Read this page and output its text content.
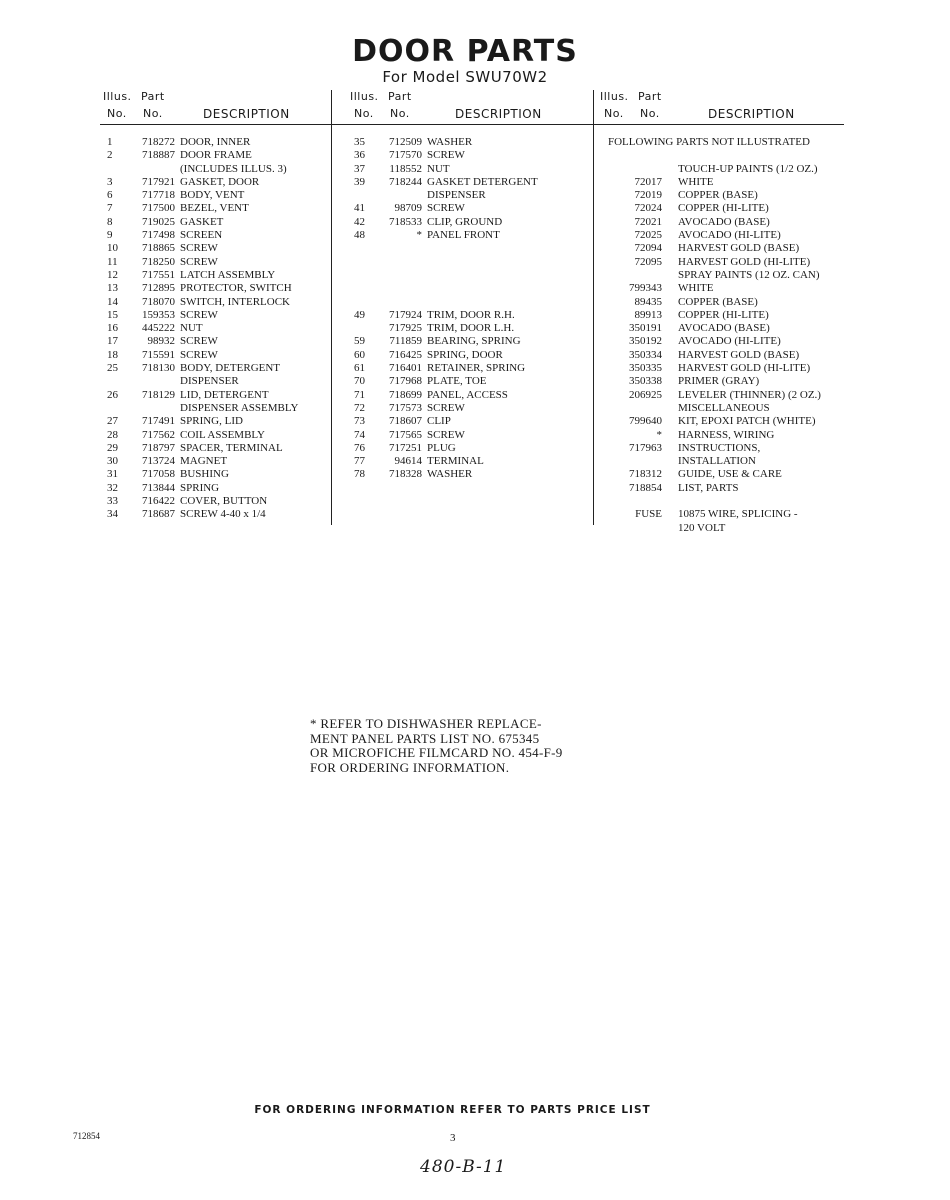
DOOR PARTS
For Model SWU70W2
Illus. Part
No. No.	DESCRIPTION
1	718272 DOOR, INNER
2	718887 DOOR FRAME
(INCLUDES ILLUS. 3)
3	717921 GASKET, DOOR
6	717718 BODY, VENT
7	717500 BEZEL, VENT
8	719025 GASKET
9	717498 SCREEN
10	718865 SCREW
11	718250 SCREW
12	717551 LATCH ASSEMBLY
13	712895 PROTECTOR, SWITCH
14	718070 SWITCH, INTERLOCK
15	159353 SCREW
16	445222 NUT
17	98932 SCREW
18	715591 SCREW
25	718130 BODY, DETERGENT
DISPENSER
26	718129 LID, DETERGENT
DISPENSER ASSEMBLY
27	717491 SPRING, LID
28	717562 COIL ASSEMBLY
29	718797 SPACER, TERMINAL
30	713724 MAGNET
31	717058 BUSHING
32	713844 SPRING
33	716422 COVER, BUTTON
34	718687 SCREW 4-40 x 1/4
Illus. Part
No. No.	DESCRIPTION
35	712509 WASHER
36	717570 SCREW
37	118552 NUT
39	718244 GASKET DETERGENT
DISPENSER
41	98709 SCREW
42	718533 CLIP, GROUND
48	* PANEL FRONT
49	717924 TRIM, DOOR R.H.
717925 TRIM, DOOR L.H.
59	711859 BEARING, SPRING
60	716425 SPRING, DOOR
61	716401 RETAINER, SPRING
70	717968 PLATE, TOE
71	718699 PANEL, ACCESS
72	717573 SCREW
73	718607 CLIP
74	717565 SCREW
76	717251 PLUG
77	94614 TERMINAL
78	718328 WASHER
Illus. Part
No. No.	DESCRIPTION
FOLLOWING PARTS NOT ILLUSTRATED
TOUCH-UP PAINTS (1/2 OZ.)
72017 WHITE
72019 COPPER (BASE)
72024 COPPER (HI-LITE)
72021 AVOCADO (BASE)
72025 AVOCADO (HI-LITE)
72094 HARVEST GOLD (BASE)
72095 HARVEST GOLD (HI-LITE)
SPRAY PAINTS (12 OZ. CAN)
799343 WHITE
89435 COPPER (BASE)
89913 COPPER (HI-LITE)
350191 AVOCADO (BASE)
350192 AVOCADO (HI-LITE)
350334 HARVEST GOLD (BASE)
350335 HARVEST GOLD (HI-LITE)
350338 PRIMER (GRAY)
206925 LEVELER (THINNER) (2 OZ.)
MISCELLANEOUS
799640 KIT, EPOXI PATCH (WHITE)
* HARNESS, WIRING
717963 INSTRUCTIONS,
INSTALLATION
718312 GUIDE, USE & CARE
718854 LIST, PARTS
FUSE 10875 WIRE, SPLICING -
120 VOLT
* REFER TO DISHWASHER REPLACE-
MENT PANEL PARTS LIST NO. 675345
OR MICROFICHE FILMCARD NO. 454-F-9
FOR ORDERING INFORMATION.
FOR ORDERING INFORMATION REFER TO PARTS PRICE LIST
712854	3
480-B-11
